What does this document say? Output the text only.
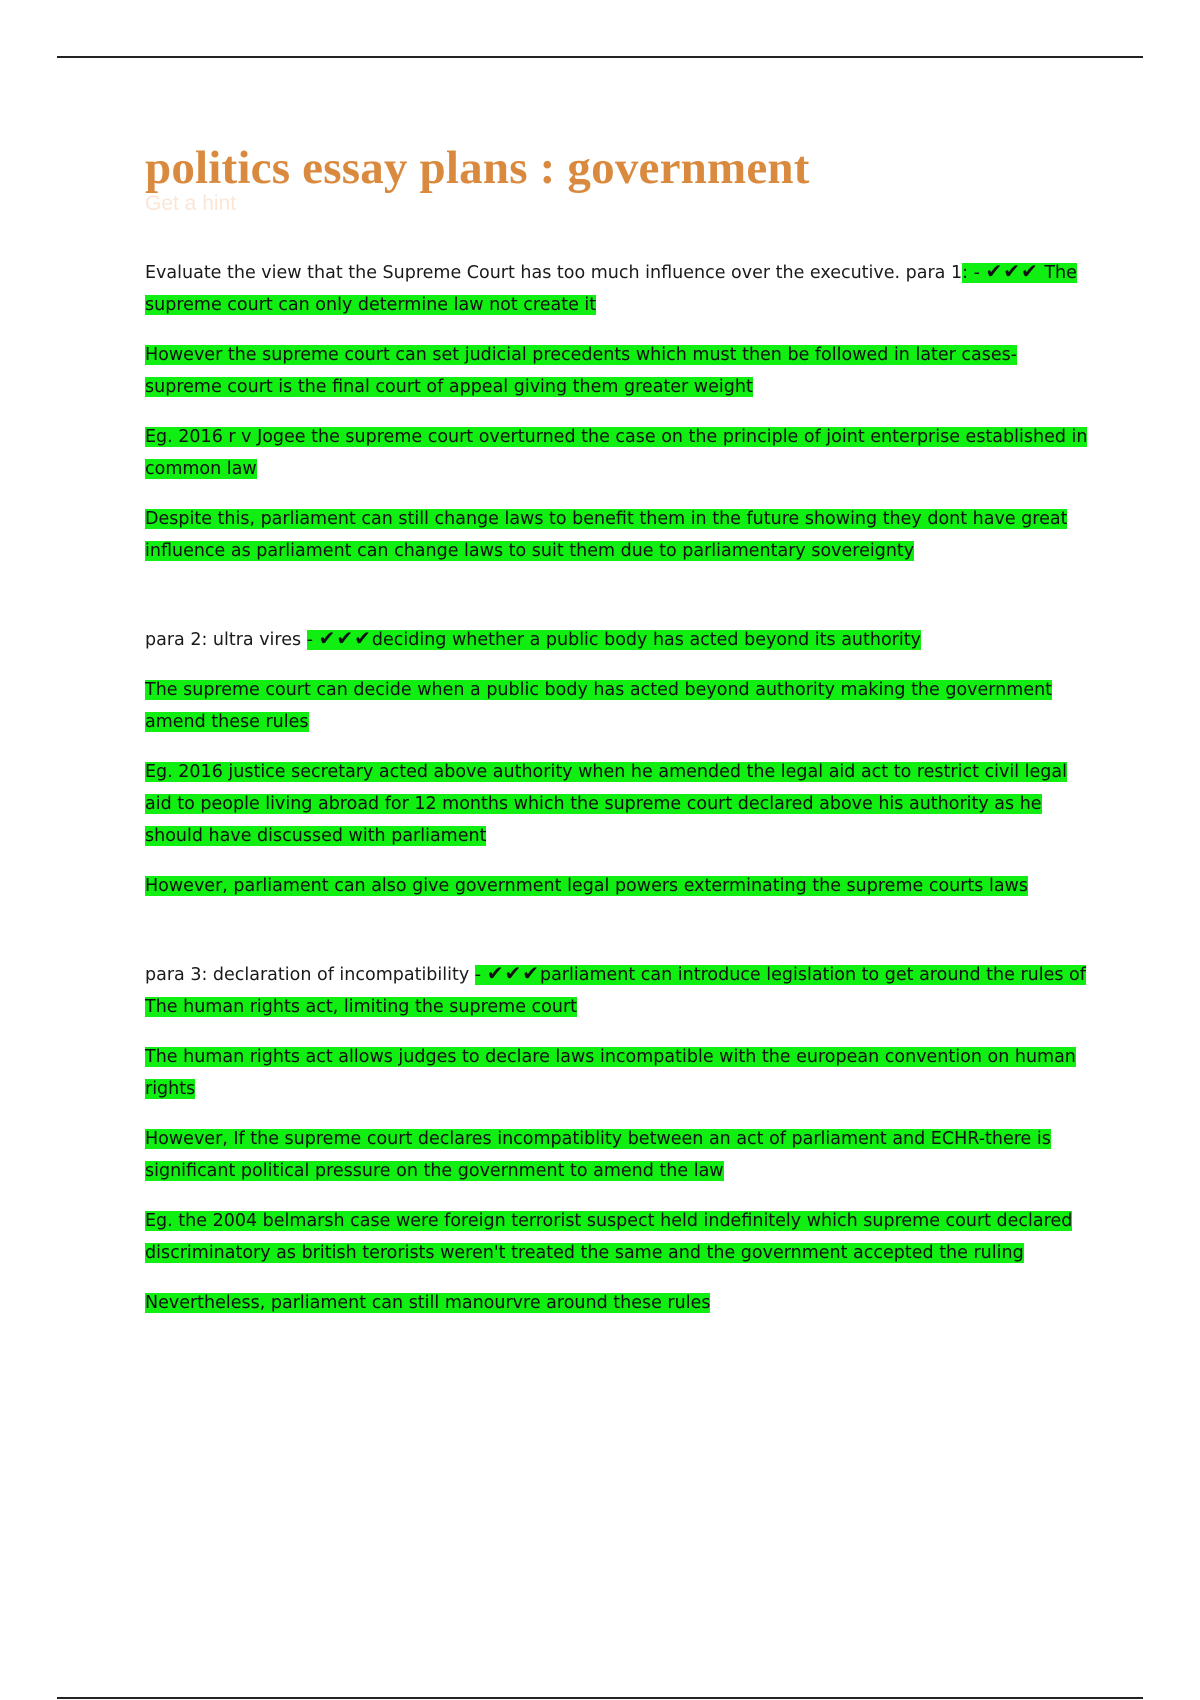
politics essay plans : government
Get a hint

Evaluate the view that the Supreme Court has too much influence over the executive. para 1: - ✔✔✔ The supreme court can only determine law not create it

However the supreme court can set judicial precedents which must then be followed in later cases- supreme court is the final court of appeal giving them greater weight

Eg. 2016 r v Jogee the supreme court overturned the case on the principle of joint enterprise established in common law

Despite this, parliament can still change laws to benefit them in the future showing they dont have great influence as parliament can change laws to suit them due to parliamentary sovereignty

para 2: ultra vires - ✔✔✔deciding whether a public body has acted beyond its authority

The supreme court can decide when a public body has acted beyond authority making the government amend these rules

Eg. 2016 justice secretary acted above authority when he amended the legal aid act to restrict civil legal aid to people living abroad for 12 months which the supreme court declared above his authority as he should have discussed with parliament

However, parliament can also give government legal powers exterminating the supreme courts laws

para 3: declaration of incompatibility - ✔✔✔parliament can introduce legislation to get around the rules of The human rights act, limiting the supreme court

The human rights act allows judges to declare laws incompatible with the european convention on human rights

However, If the supreme court declares incompatiblity between an act of parliament and ECHR-there is significant political pressure on the government to amend the law

Eg. the 2004 belmarsh case were foreign terrorist suspect held indefinitely which supreme court declared discriminatory as british terorists weren't treated the same and the government accepted the ruling

Nevertheless, parliament can still manourvre around these rules
